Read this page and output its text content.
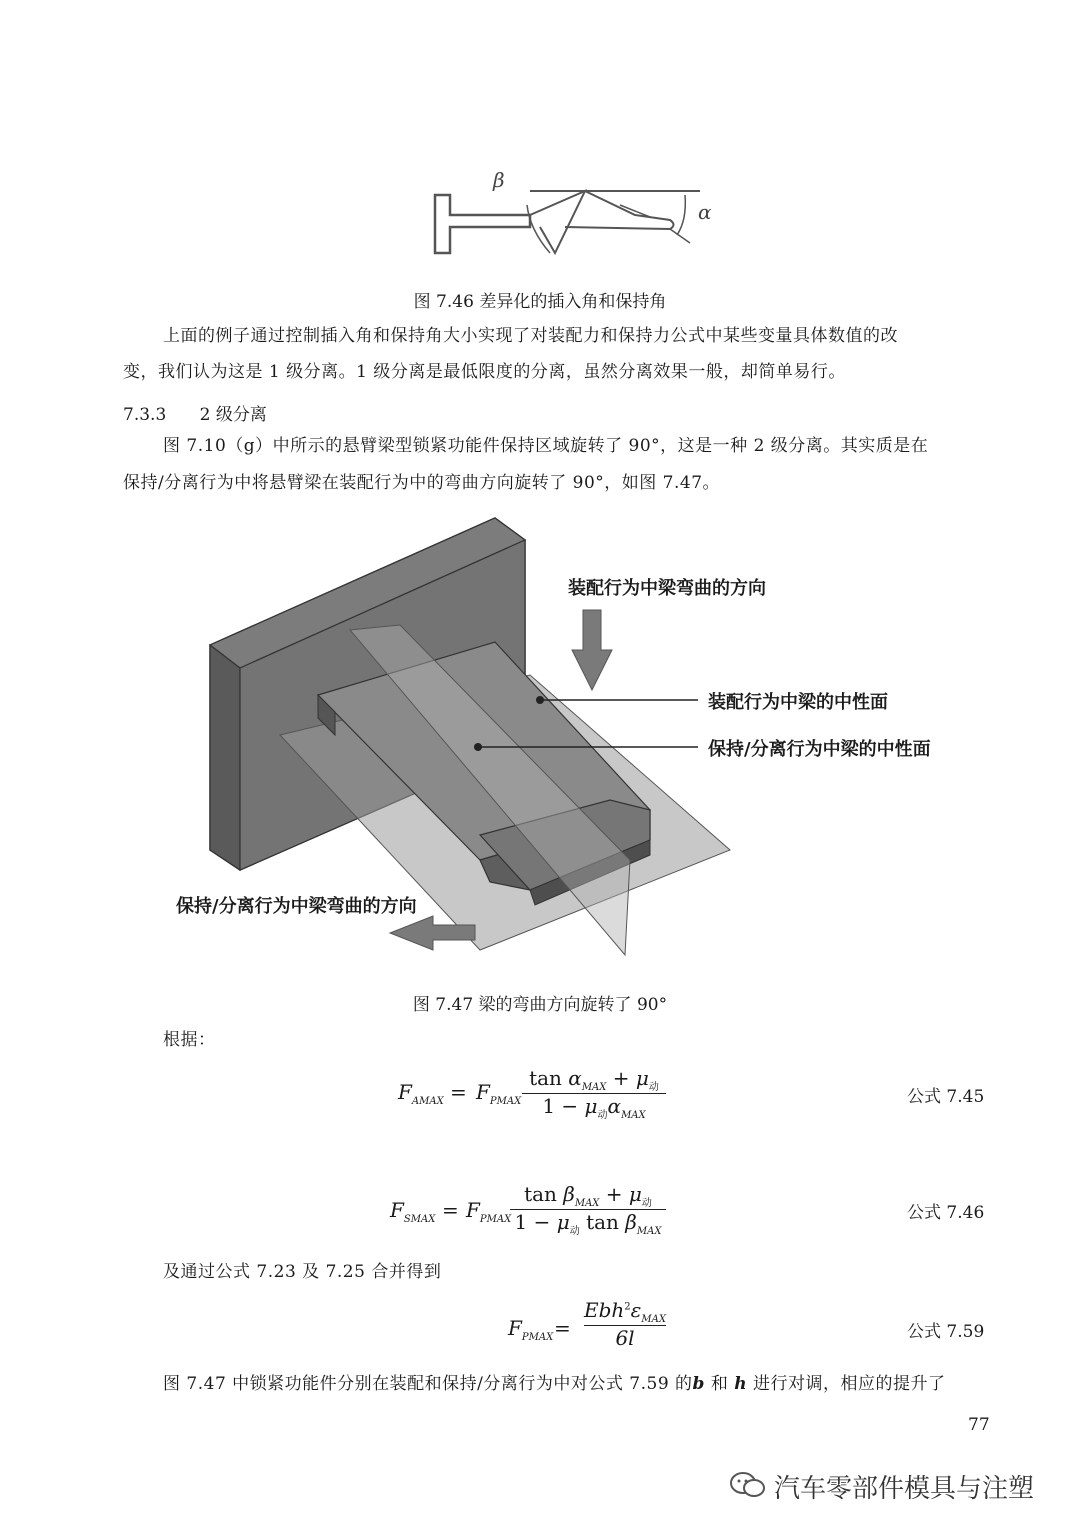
β
α
图 7.46 差异化的插入角和保持角
上面的例子通过控制插入角和保持角大小实现了对装配力和保持力公式中某些变量具体数值的改
变，我们认为这是 1 级分离。1 级分离是最低限度的分离，虽然分离效果一般，却简单易行。
7.3.3 2 级分离
图 7.10（g）中所示的悬臂梁型锁紧功能件保持区域旋转了 90°，这是一种 2 级分离。其实质是在
保持/分离行为中将悬臂梁在装配行为中的弯曲方向旋转了 90°，如图 7.47。
装配行为中梁弯曲的方向
装配行为中梁的中性面
保持/分离行为中梁的中性面
保持/分离行为中梁弯曲的方向
图 7.47 梁的弯曲方向旋转了 90°
根据：
$F_{AMAX} = F_{PMAX}$
$\tan \alpha_{MAX} + \mu_动$
$1 - \mu_动\alpha_{MAX}$
公式 7.45
$F_{SMAX} = F_{PMAX}$
$\tan \beta_{MAX} + \mu_动$
$1 - \mu_动$ $\tan \beta_{MAX}$
公式 7.46
及通过公式 7.23 及 7.25 合并得到
$F_{PMAX}$ =
$Ebh^2\varepsilon_{MAX}$
6l	公式 7.59
图 7.47 中锁紧功能件分别在装配和保持/分离行为中对公式 7.59 的b 和 h 进行对调，相应的提升了
77
汽车零部件模具与注塑
